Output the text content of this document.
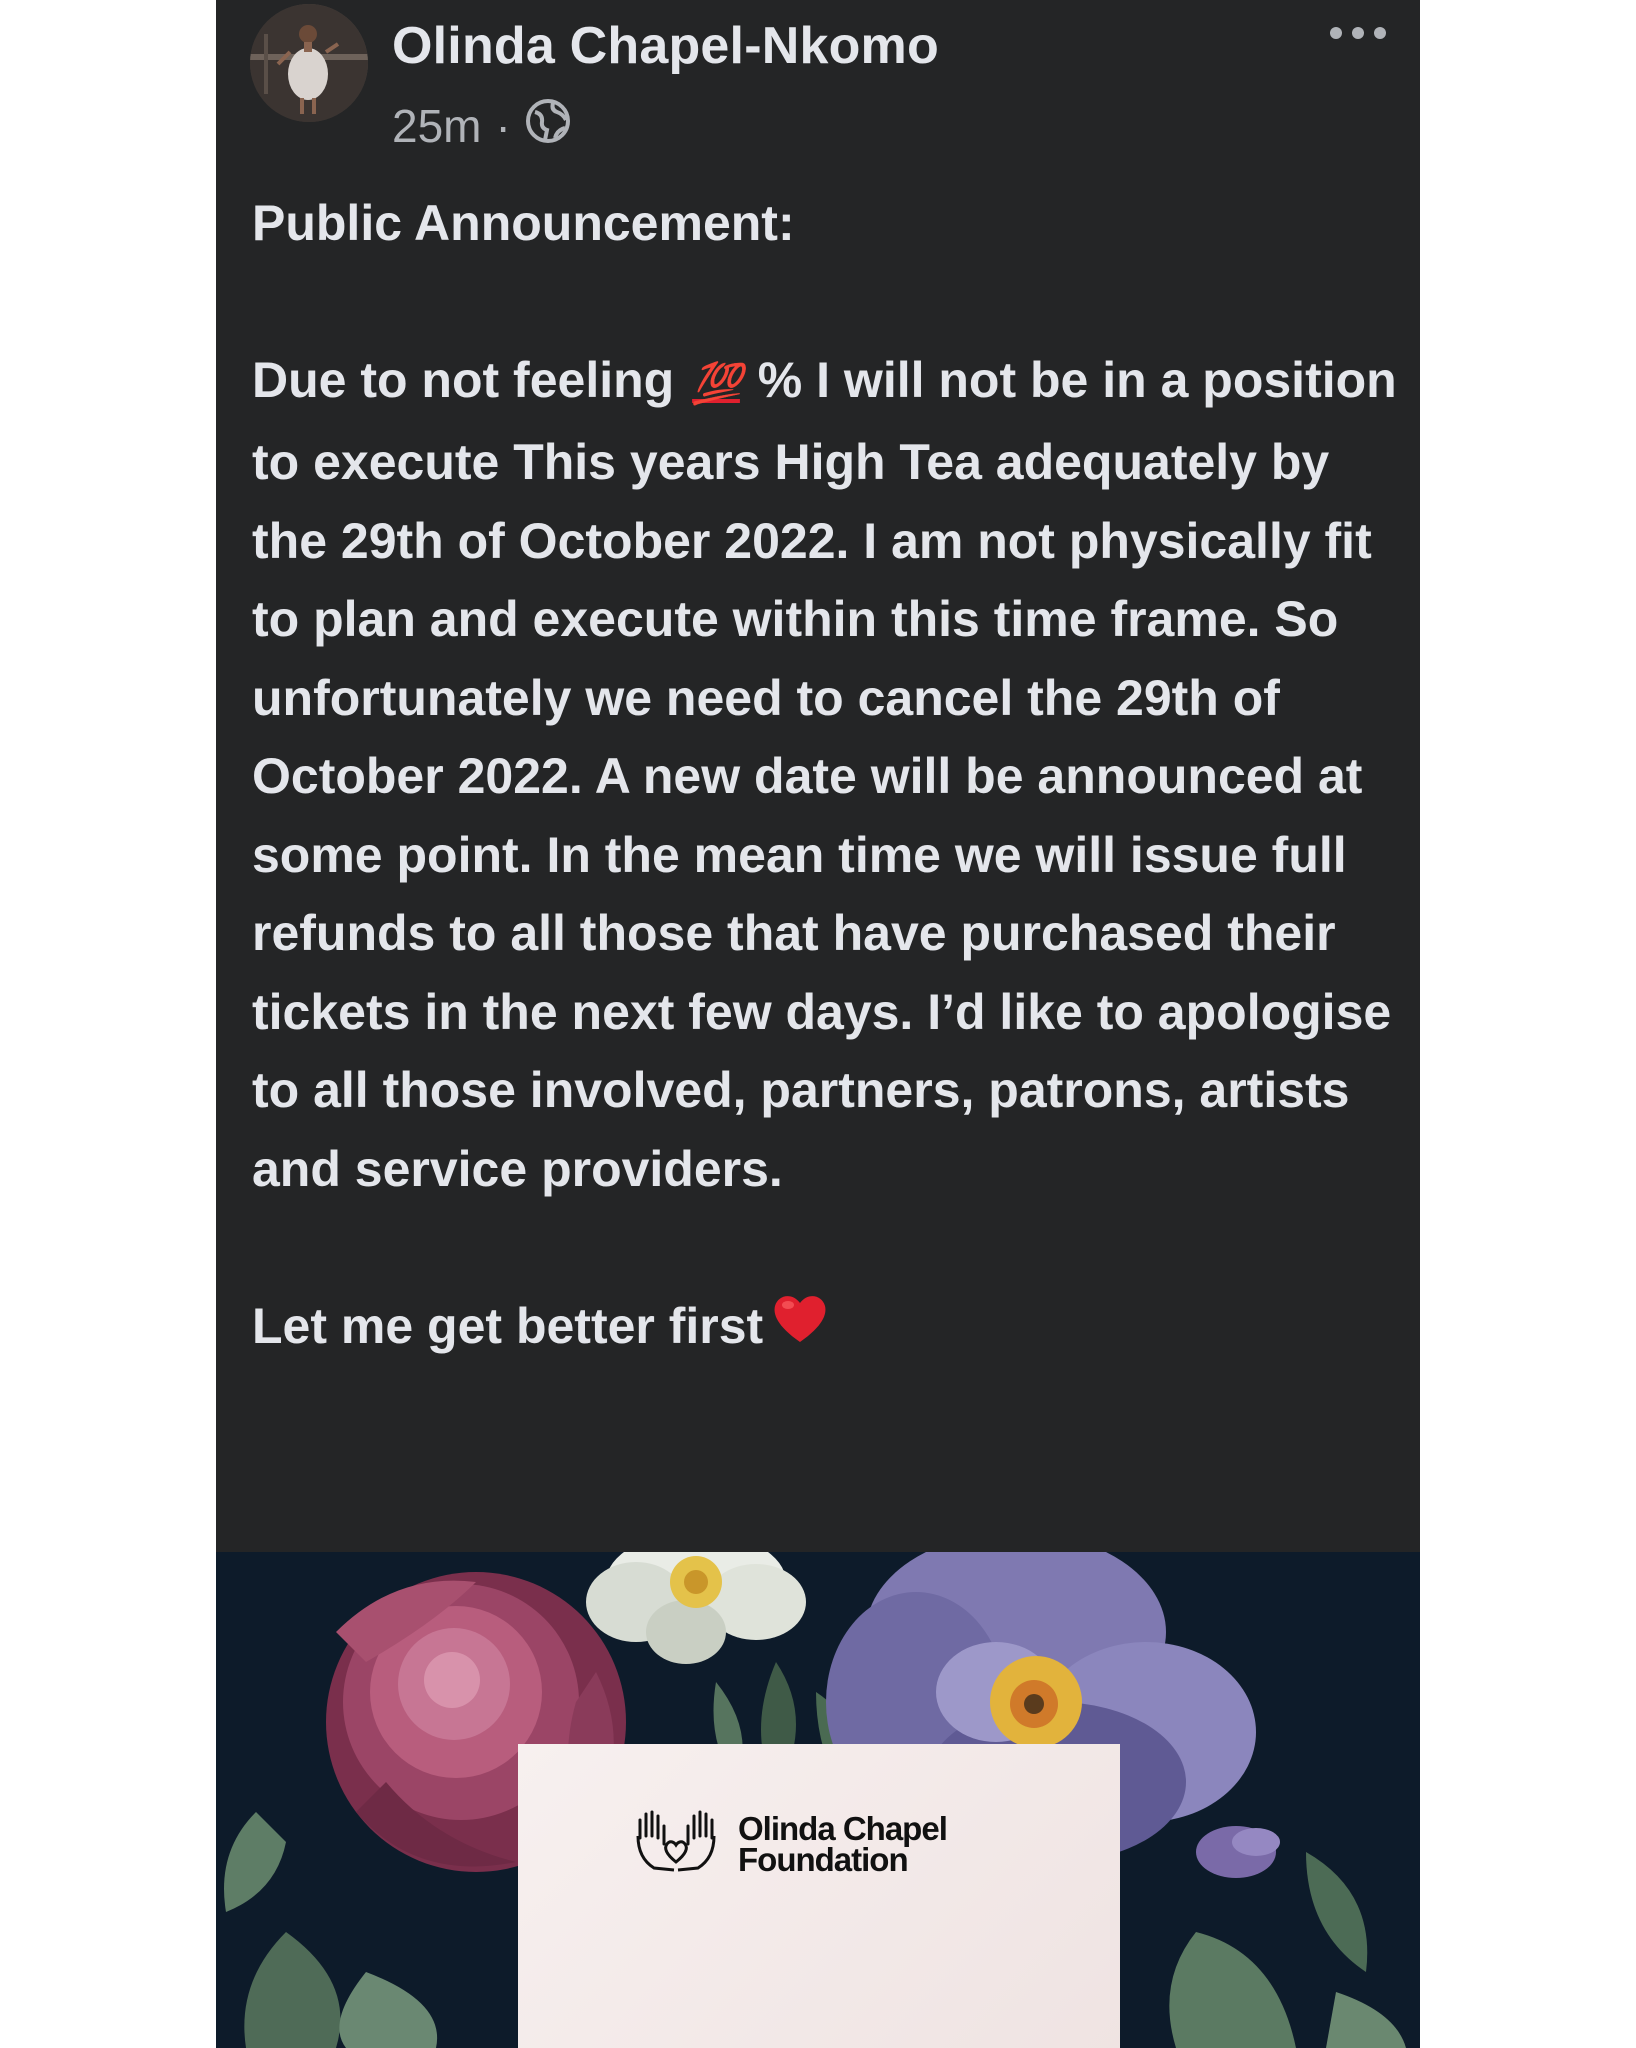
Olinda Chapel-Nkomo
25m ·

Public Announcement:

Due to not feeling 💯 % I will not be in a position to execute This years High Tea adequately by the 29th of October 2022. I am not physically fit to plan and execute within this time frame. So unfortunately we need to cancel the 29th of October 2022. A new date will be announced at some point. In the mean time we will issue full refunds to all those that have purchased their tickets in the next few days. I’d like to apologise to all those involved, partners, patrons, artists and service providers.

Let me get better first

Olinda Chapel
Foundation
